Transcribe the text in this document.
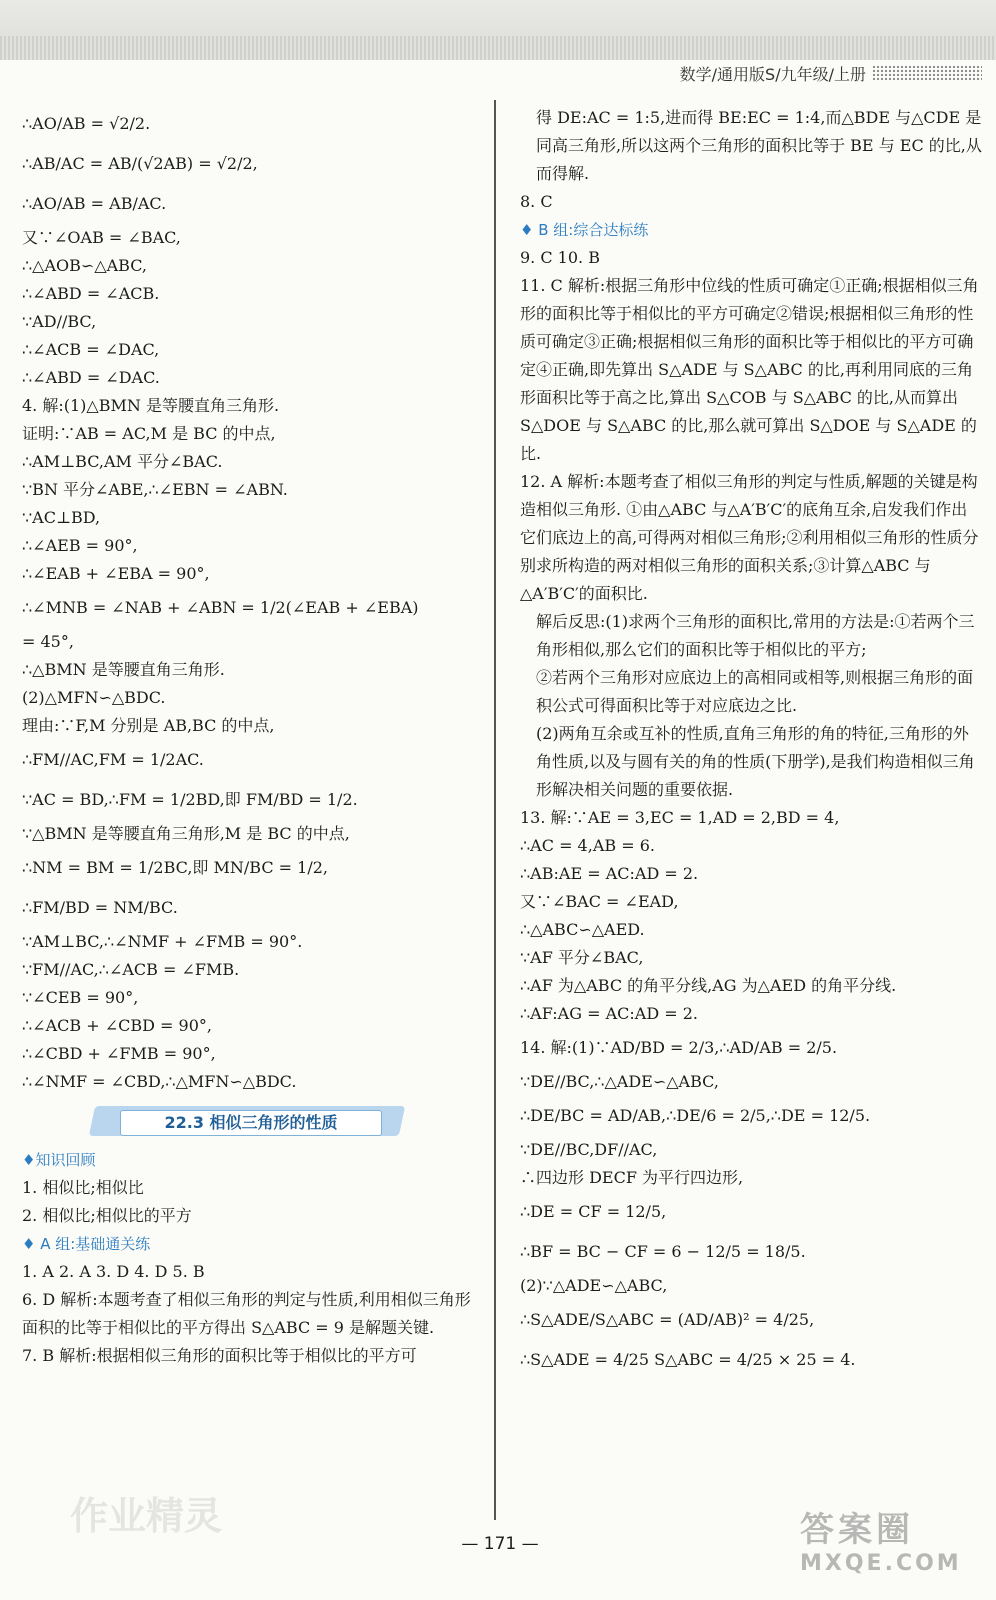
数学/通用版S/九年级/上册
∴AO/AB = √2/2.
∴AB/AC = AB/(√2AB) = √2/2,
∴AO/AB = AB/AC.
又∵∠OAB = ∠BAC,
∴△AOB∽△ABC,
∴∠ABD = ∠ACB.
∵AD//BC,
∴∠ACB = ∠DAC,
∴∠ABD = ∠DAC.
4. 解:(1)△BMN 是等腰直角三角形.
证明:∵AB = AC,M 是 BC 的中点,
∴AM⊥BC,AM 平分∠BAC.
∵BN 平分∠ABE,∴∠EBN = ∠ABN.
∵AC⊥BD,
∴∠AEB = 90°,
∴∠EAB + ∠EBA = 90°,
∴∠MNB = ∠NAB + ∠ABN = 1/2(∠EAB + ∠EBA)
= 45°,
∴△BMN 是等腰直角三角形.
(2)△MFN∽△BDC.
理由:∵F,M 分别是 AB,BC 的中点,
∴FM//AC,FM = 1/2AC.
∵AC = BD,∴FM = 1/2BD,即 FM/BD = 1/2.
∵△BMN 是等腰直角三角形,M 是 BC 的中点,
∴NM = BM = 1/2BC,即 MN/BC = 1/2,
∴FM/BD = NM/BC.
∵AM⊥BC,∴∠NMF + ∠FMB = 90°.
∵FM//AC,∴∠ACB = ∠FMB.
∵∠CEB = 90°,
∴∠ACB + ∠CBD = 90°,
∴∠CBD + ∠FMB = 90°,
∴∠NMF = ∠CBD,∴△MFN∽△BDC.
22.3 相似三角形的性质
♦知识回顾
1. 相似比;相似比
2. 相似比;相似比的平方
♦ A 组:基础通关练
1. A 2. A 3. D 4. D 5. B
6. D 解析:本题考查了相似三角形的判定与性质,利用相似三角形面积的比等于相似比的平方得出 S△ABC = 9 是解题关键.
7. B 解析:根据相似三角形的面积比等于相似比的平方可
得 DE:AC = 1:5,进而得 BE:EC = 1:4,而△BDE 与△CDE 是同高三角形,所以这两个三角形的面积比等于 BE 与 EC 的比,从而得解.
8. C
♦ B 组:综合达标练
9. C 10. B
11. C 解析:根据三角形中位线的性质可确定①正确;根据相似三角形的面积比等于相似比的平方可确定②错误;根据相似三角形的性质可确定③正确;根据相似三角形的面积比等于相似比的平方可确定④正确,即先算出 S△ADE 与 S△ABC 的比,再利用同底的三角形面积比等于高之比,算出 S△COB 与 S△ABC 的比,从而算出 S△DOE 与 S△ABC 的比,那么就可算出 S△DOE 与 S△ADE 的比.
12. A 解析:本题考查了相似三角形的判定与性质,解题的关键是构造相似三角形. ①由△ABC 与△A′B′C′的底角互余,启发我们作出它们底边上的高,可得两对相似三角形;②利用相似三角形的性质分别求所构造的两对相似三角形的面积关系;③计算△ABC 与△A′B′C′的面积比.
解后反思:(1)求两个三角形的面积比,常用的方法是:①若两个三角形相似,那么它们的面积比等于相似比的平方;
②若两个三角形对应底边上的高相同或相等,则根据三角形的面积公式可得面积比等于对应底边之比.
(2)两角互余或互补的性质,直角三角形的角的特征,三角形的外角性质,以及与圆有关的角的性质(下册学),是我们构造相似三角形解决相关问题的重要依据.
13. 解:∵AE = 3,EC = 1,AD = 2,BD = 4,
∴AC = 4,AB = 6.
∴AB:AE = AC:AD = 2.
又∵∠BAC = ∠EAD,
∴△ABC∽△AED.
∵AF 平分∠BAC,
∴AF 为△ABC 的角平分线,AG 为△AED 的角平分线.
∴AF:AG = AC:AD = 2.
14. 解:(1)∵AD/BD = 2/3,∴AD/AB = 2/5.
∵DE//BC,∴△ADE∽△ABC,
∴DE/BC = AD/AB,∴DE/6 = 2/5,∴DE = 12/5.
∵DE//BC,DF//AC,
∴四边形 DECF 为平行四边形,
∴DE = CF = 12/5,
∴BF = BC − CF = 6 − 12/5 = 18/5.
(2)∵△ADE∽△ABC,
∴S△ADE/S△ABC = (AD/AB)² = 4/25,
∴S△ADE = 4/25 S△ABC = 4/25 × 25 = 4.
— 171 —
作业精灵	答案圈
MXQE.COM
